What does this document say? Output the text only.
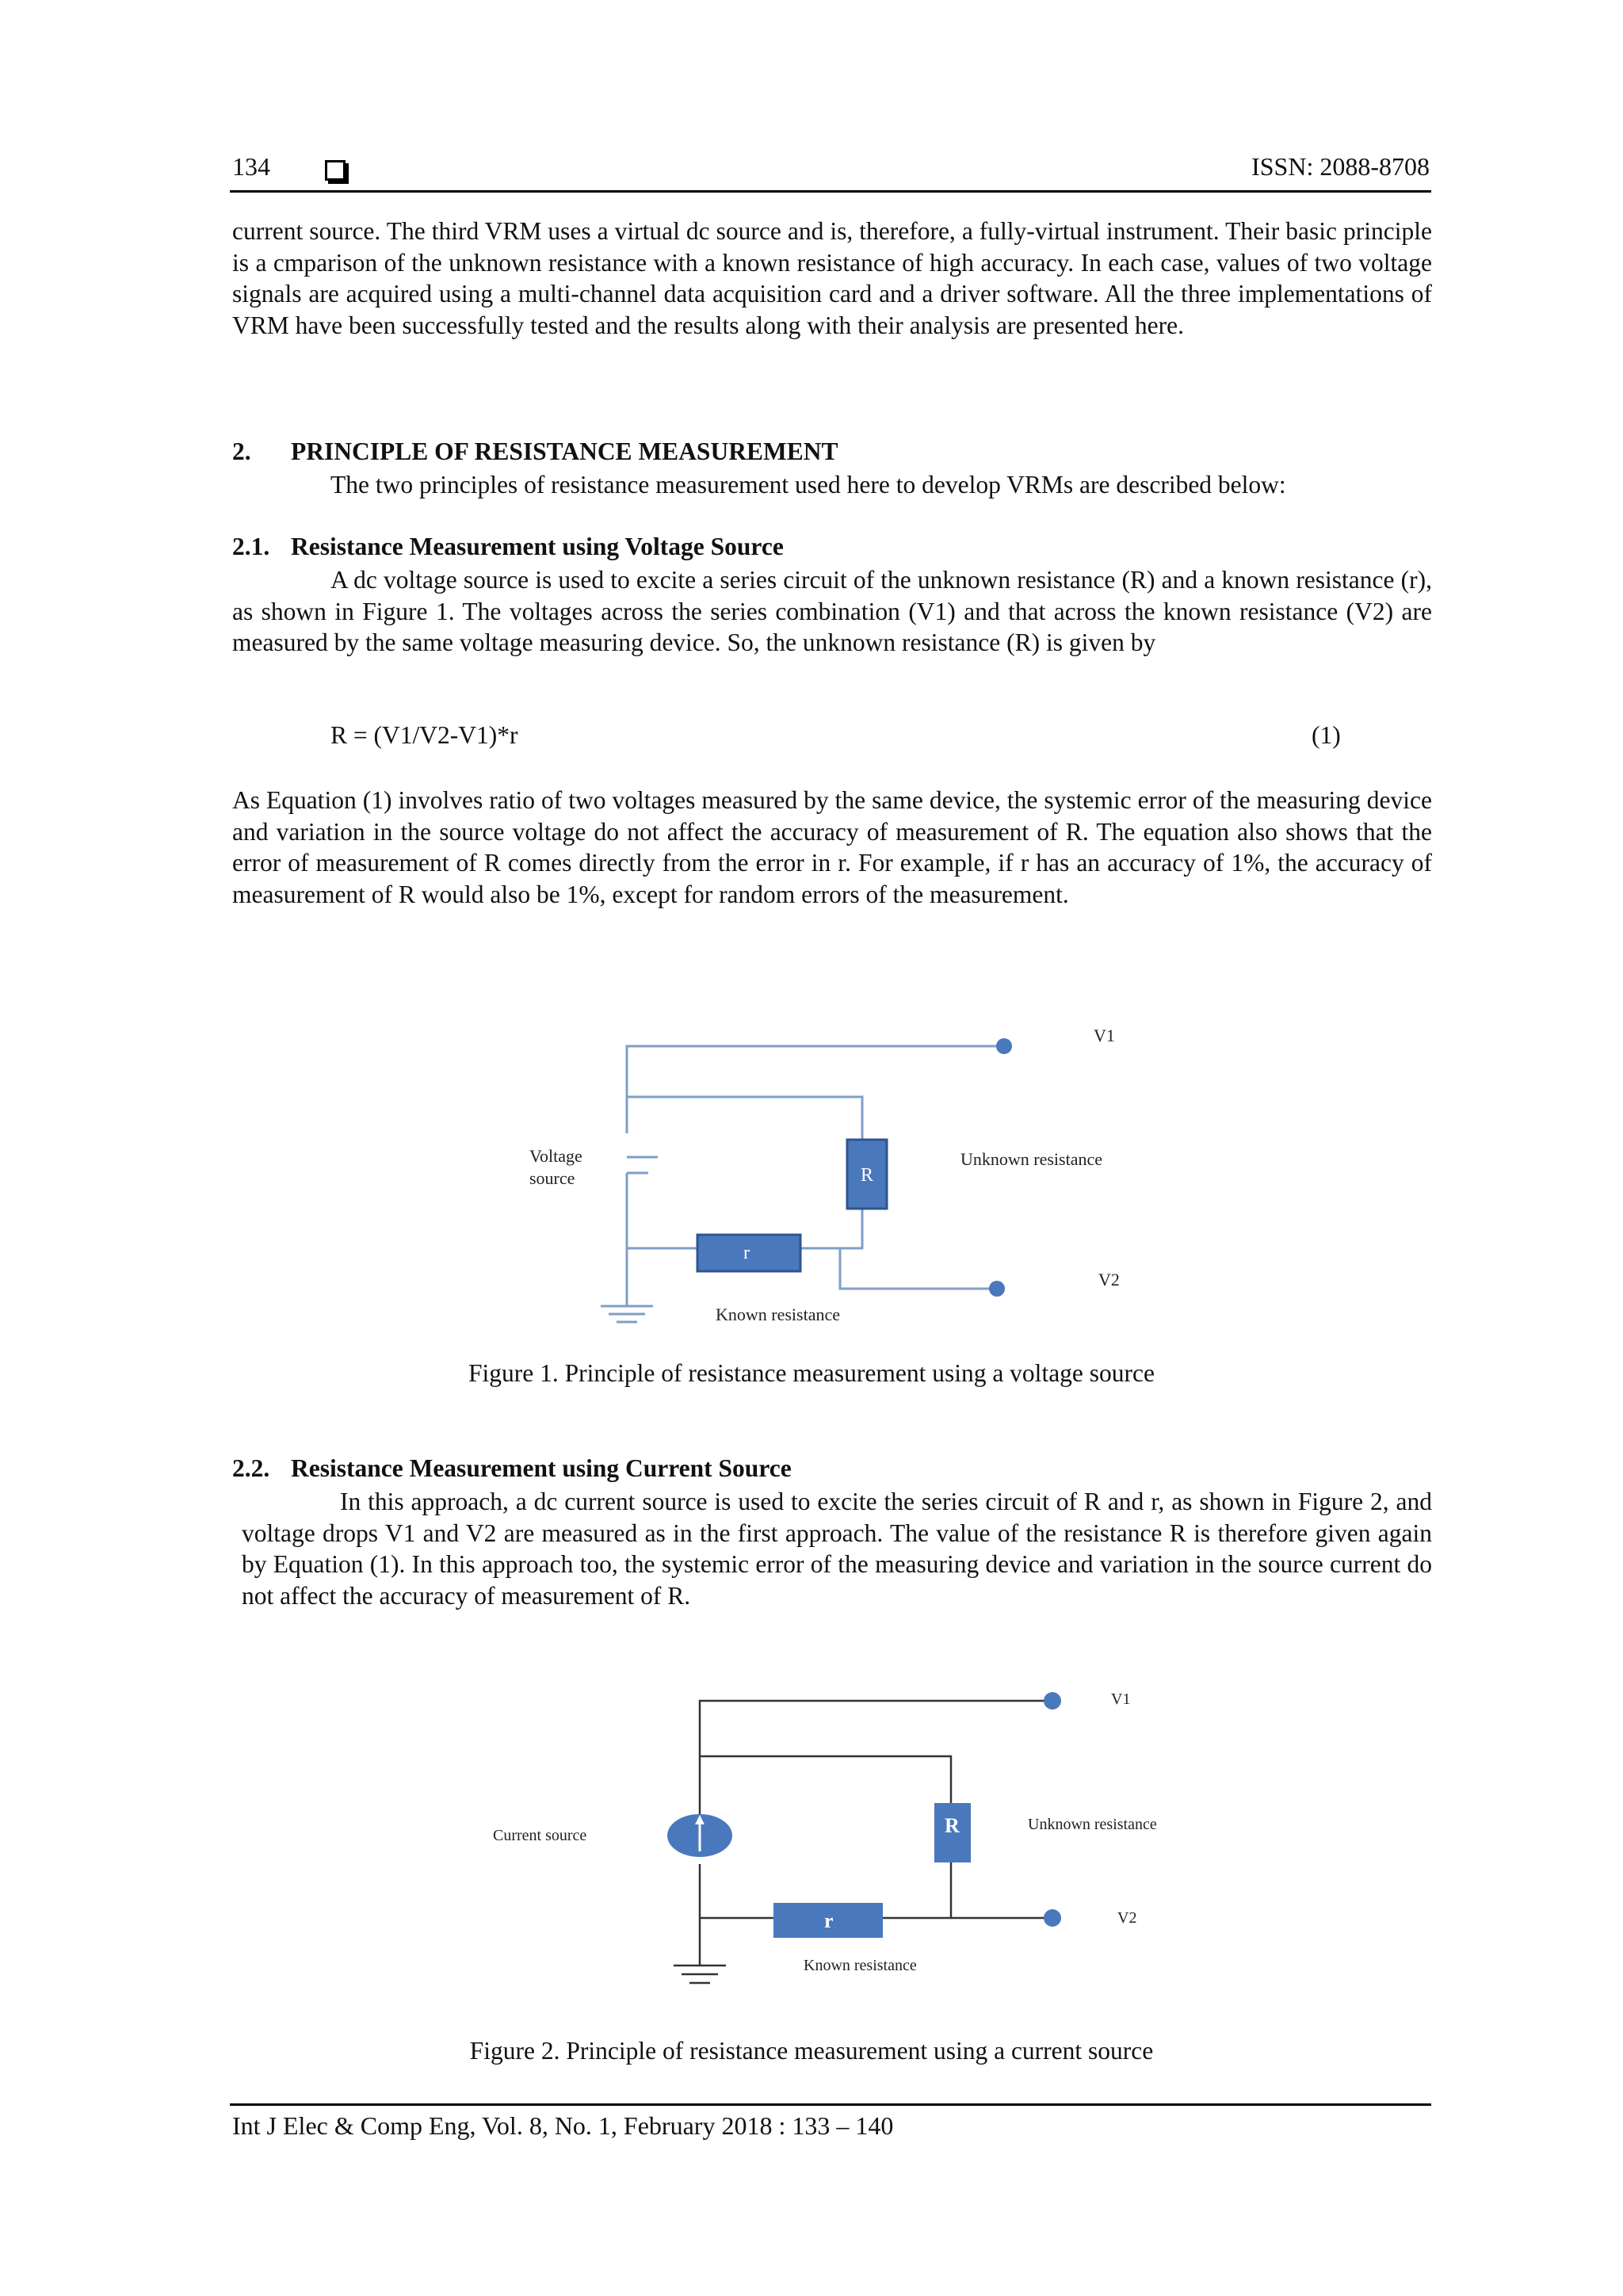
134	ISSN: 2088-8708

current source. The third VRM uses a virtual dc source and is, therefore, a fully-virtual instrument. Their basic principle is a cmparison of the unknown resistance with a known resistance of high accuracy. In each case, values of two voltage signals are acquired using a multi-channel data acquisition card and a driver software. All the three implementations of VRM have been successfully tested and the results along with their analysis are presented here.

2. PRINCIPLE OF RESISTANCE MEASUREMENT

The two principles of resistance measurement used here to develop VRMs are described below:

2.1. Resistance Measurement using Voltage Source

A dc voltage source is used to excite a series circuit of the unknown resistance (R) and a known resistance (r), as shown in Figure 1. The voltages across the series combination (V1) and that across the known resistance (V2) are measured by the same voltage measuring device. So, the unknown resistance (R) is given by

R = (V1/V2-V1)*r	(1)

As Equation (1) involves ratio of two voltages measured by the same device, the systemic error of the measuring device and variation in the source voltage do not affect the accuracy of measurement of R. The equation also shows that the error of measurement of R comes directly from the error in r. For example, if r has an accuracy of 1%, the accuracy of measurement of R would also be 1%, except for random errors of the measurement.

R
r
V1
V2
Voltage
source
Unknown resistance
Known resistance
Figure 1. Principle of resistance measurement using a voltage source
2.2. Resistance Measurement using Current Source

In this approach, a dc current source is used to excite the series circuit of R and r, as shown in Figure 2, and voltage drops V1 and V2 are measured as in the first approach. The value of the resistance R is therefore given again by Equation (1). In this approach too, the systemic error of the measuring device and variation in the source current do not affect the accuracy of measurement of R.

R
r
V1
V2
Current source
Unknown resistance
Known resistance
Figure 2. Principle of resistance measurement using a current source
Int J Elec & Comp Eng, Vol. 8, No. 1, February 2018 : 133 – 140
